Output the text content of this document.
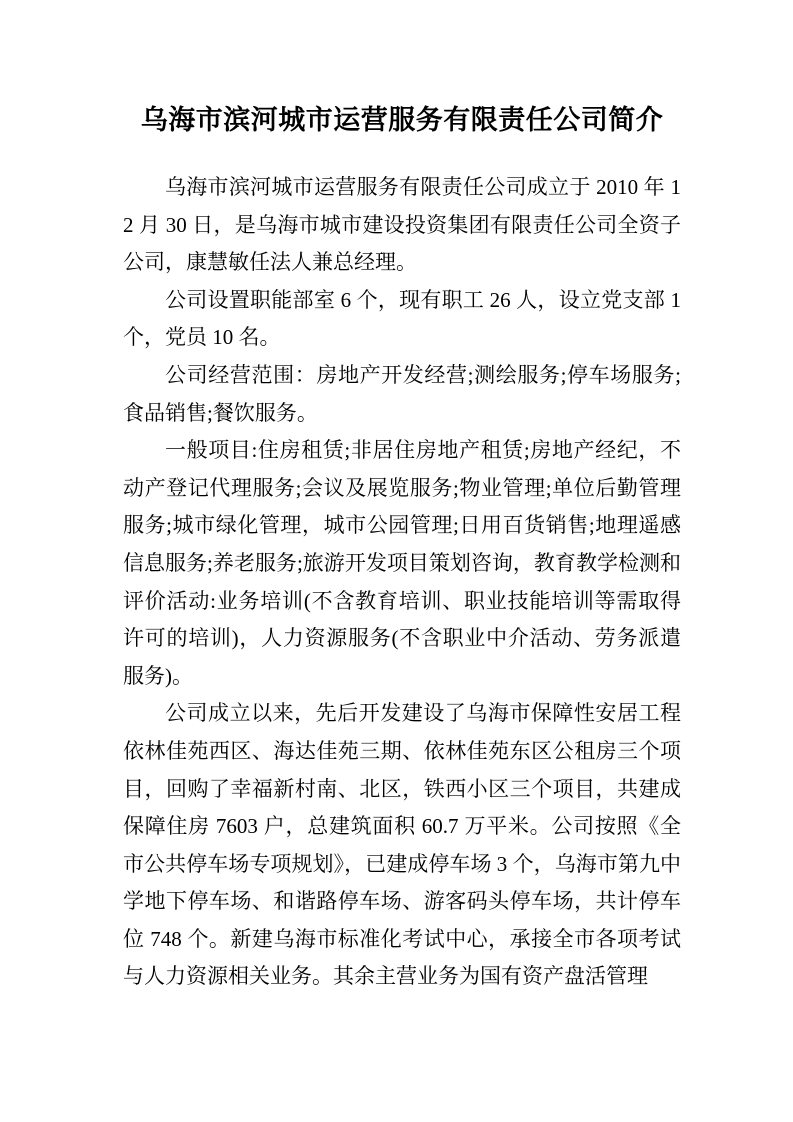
乌海市滨河城市运营服务有限责任公司简介

乌海市滨河城市运营服务有限责任公司成立于 2010 年 12 月 30 日，是乌海市城市建设投资集团有限责任公司全资子公司，康慧敏任法人兼总经理。

公司设置职能部室 6 个，现有职工 26 人，设立党支部 1 个，党员 10 名。

公司经营范围：房地产开发经营;测绘服务;停车场服务;食品销售;餐饮服务。

一般项目:住房租赁;非居住房地产租赁;房地产经纪，不动产登记代理服务;会议及展览服务;物业管理;单位后勤管理服务;城市绿化管理，城市公园管理;日用百货销售;地理遥感信息服务;养老服务;旅游开发项目策划咨询，教育教学检测和评价活动:业务培训(不含教育培训、职业技能培训等需取得许可的培训)，人力资源服务(不含职业中介活动、劳务派遣服务)。

公司成立以来，先后开发建设了乌海市保障性安居工程依林佳苑西区、海达佳苑三期、依林佳苑东区公租房三个项目，回购了幸福新村南、北区，铁西小区三个项目，共建成保障住房 7603 户，总建筑面积 60.7 万平米。公司按照《全市公共停车场专项规划》，已建成停车场 3 个，乌海市第九中学地下停车场、和谐路停车场、游客码头停车场，共计停车位 748 个。新建乌海市标准化考试中心，承接全市各项考试与人力资源相关业务。其余主营业务为国有资产盘活管理
